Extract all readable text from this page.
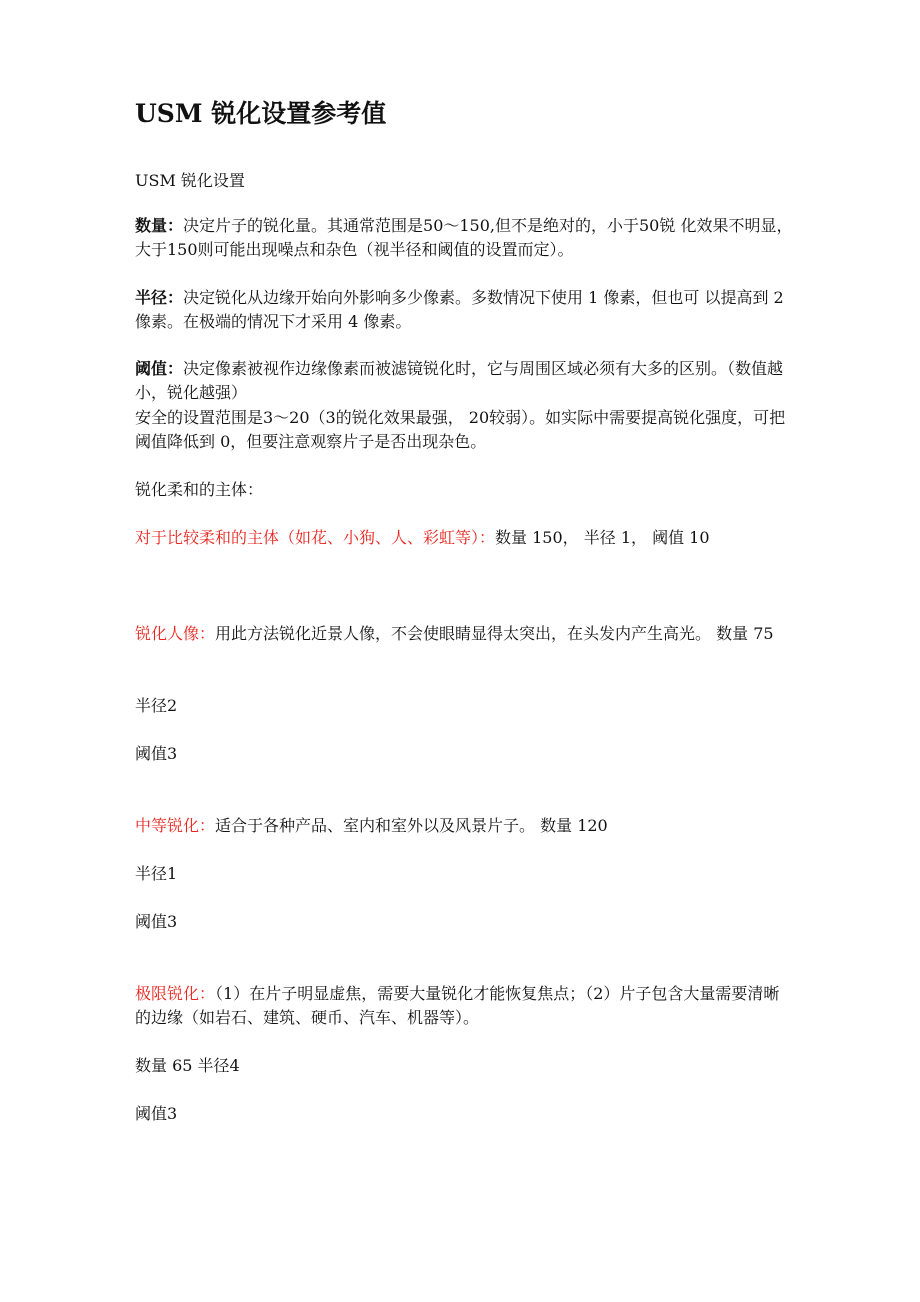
USM 锐化设置参考值

USM 锐化设置

数量：决定片子的锐化量。其通常范围是50～150,但不是绝对的，小于50锐 化效果不明显，大于150则可能出现噪点和杂色（视半径和阈值的设置而定）。

半径：决定锐化从边缘开始向外影响多少像素。多数情况下使用 1 像素，但也可 以提高到 2 像素。在极端的情况下才采用 4 像素。

阈值：决定像素被视作边缘像素而被滤镜锐化时，它与周围区域必须有大多的区别。（数值越小，锐化越强）

安全的设置范围是3～20（3的锐化效果最强， 20较弱）。如实际中需要提高锐化强度，可把阈值降低到 0，但要注意观察片子是否出现杂色。

锐化柔和的主体：

对于比较柔和的主体（如花、小狗、人、彩虹等）：数量 150， 半径 1， 阈值 10

锐化人像：用此方法锐化近景人像，不会使眼睛显得太突出，在头发内产生高光。 数量 75

半径2

阈值3

中等锐化：适合于各种产品、室内和室外以及风景片子。 数量 120

半径1

阈值3

极限锐化：（1）在片子明显虚焦，需要大量锐化才能恢复焦点；（2）片子包含大量需要清晰的边缘（如岩石、建筑、硬币、汽车、机器等）。

数量 65 半径4

阈值3
